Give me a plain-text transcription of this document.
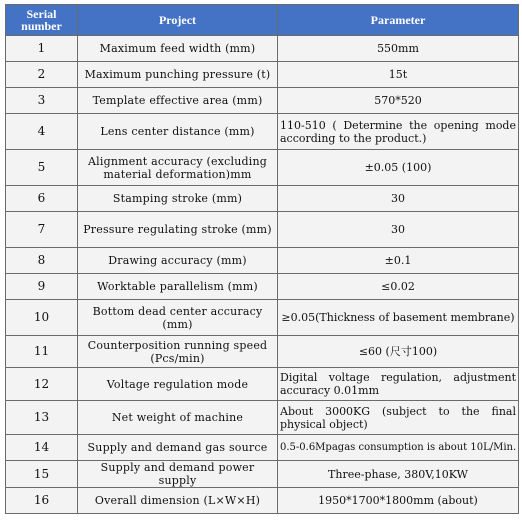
Serial
number	Project	Parameter
1	Maximum feed width (mm)	550mm
2	Maximum punching pressure (t)	15t
3	Template effective area (mm)	570*520
4	Lens center distance (mm)	110-510 ( Determine the opening mode according to the product.)
5	Alignment accuracy (excluding material deformation)mm	±0.05 (100)
6	Stamping stroke (mm)	30
7	Pressure regulating stroke (mm)	30
8	Drawing accuracy (mm)	±0.1
9	Worktable parallelism (mm)	≤0.02
10	Bottom dead center accuracy (mm)	≥0.05(Thickness of basement membrane)
11	Counterposition running speed (Pcs/min)	≤60 (尺寸100)
12	Voltage regulation mode	Digital voltage regulation, adjustment accuracy 0.01mm
13	Net weight of machine	About 3000KG (subject to the final physical object)
14	Supply and demand gas source	0.5-0.6Mpagas consumption is about 10L/Min.
15	Supply and demand power supply	Three-phase, 380V,10KW
16	Overall dimension (L×W×H)	1950*1700*1800mm (about)
